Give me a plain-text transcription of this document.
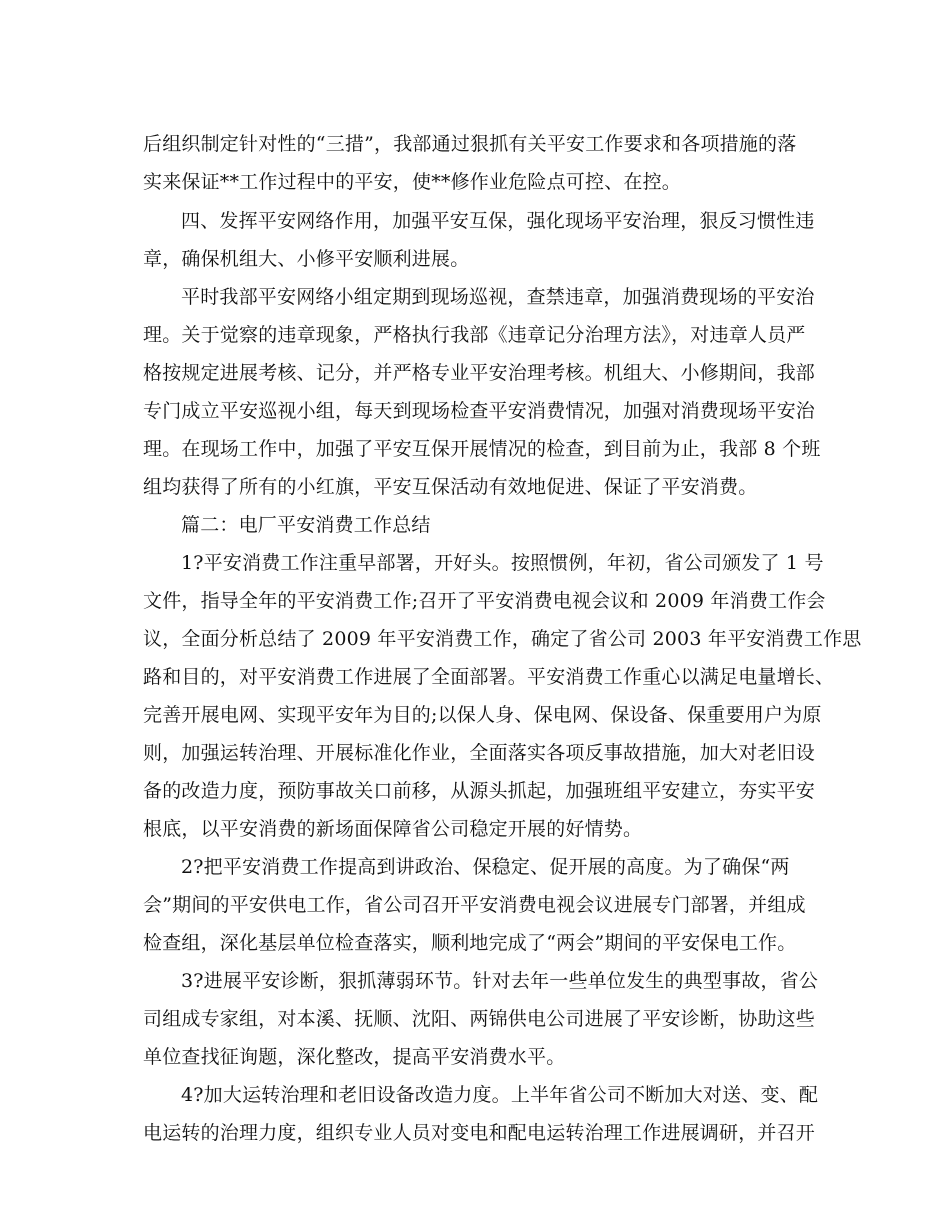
后组织制定针对性的“三措”，我部通过狠抓有关平安工作要求和各项措施的落
实来保证**工作过程中的平安，使**修作业危险点可控、在控。
四、发挥平安网络作用，加强平安互保，强化现场平安治理，狠反习惯性违
章，确保机组大、小修平安顺利进展。
平时我部平安网络小组定期到现场巡视，查禁违章，加强消费现场的平安治
理。关于觉察的违章现象，严格执行我部《违章记分治理方法》，对违章人员严
格按规定进展考核、记分，并严格专业平安治理考核。机组大、小修期间，我部
专门成立平安巡视小组，每天到现场检查平安消费情况，加强对消费现场平安治
理。在现场工作中，加强了平安互保开展情况的检查，到目前为止，我部 8 个班
组均获得了所有的小红旗，平安互保活动有效地促进、保证了平安消费。
篇二：电厂平安消费工作总结
1?平安消费工作注重早部署，开好头。按照惯例，年初，省公司颁发了 1 号
文件，指导全年的平安消费工作;召开了平安消费电视会议和 2009 年消费工作会
议，全面分析总结了 2009 年平安消费工作，确定了省公司 2003 年平安消费工作思
路和目的，对平安消费工作进展了全面部署。平安消费工作重心以满足电量增长、
完善开展电网、实现平安年为目的;以保人身、保电网、保设备、保重要用户为原
则，加强运转治理、开展标准化作业，全面落实各项反事故措施，加大对老旧设
备的改造力度，预防事故关口前移，从源头抓起，加强班组平安建立，夯实平安
根底，以平安消费的新场面保障省公司稳定开展的好情势。
2?把平安消费工作提高到讲政治、保稳定、促开展的高度。为了确保“两
会”期间的平安供电工作，省公司召开平安消费电视会议进展专门部署，并组成
检查组，深化基层单位检查落实，顺利地完成了“两会”期间的平安保电工作。
3?进展平安诊断，狠抓薄弱环节。针对去年一些单位发生的典型事故，省公
司组成专家组，对本溪、抚顺、沈阳、两锦供电公司进展了平安诊断，协助这些
单位查找征询题，深化整改，提高平安消费水平。
4?加大运转治理和老旧设备改造力度。上半年省公司不断加大对送、变、配
电运转的治理力度，组织专业人员对变电和配电运转治理工作进展调研，并召开
